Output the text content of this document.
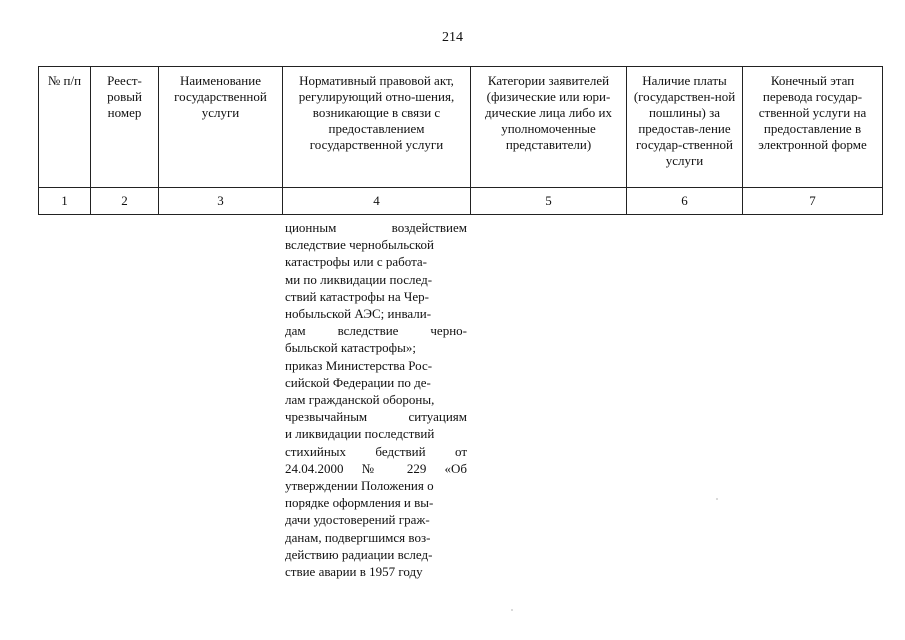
214
№ п/п	Реест-ровый номер	Наименование государственной услуги	Нормативный правовой акт, регулирующий отно-шения, возникающие в связи с предоставлением государственной услуги	Категории заявителей (физические или юри-дические лица либо их уполномоченные представители)	Наличие платы (государствен-ной пошлины) за предостав-ление государ-ственной услуги	Конечный этап перевода государ-ственной услуги на предоставление в электронной форме
1	2	3	4	5	6	7
ционным воздействием
вследствие чернобыльской
катастрофы или с работа-
ми по ликвидации послед-
ствий катастрофы на Чер-
нобыльской АЭС; инвали-
дам вследствие черно-
быльской катастрофы»;
приказ Министерства Рос-
сийской Федерации по де-
лам гражданской обороны,
чрезвычайным ситуациям
и ликвидации последствий
стихийных бедствий от
24.04.2000 № 229 «Об
утверждении Положения о
порядке оформления и вы-
дачи удостоверений граж-
данам, подвергшимся воз-
действию радиации вслед-
ствие аварии в 1957 году
